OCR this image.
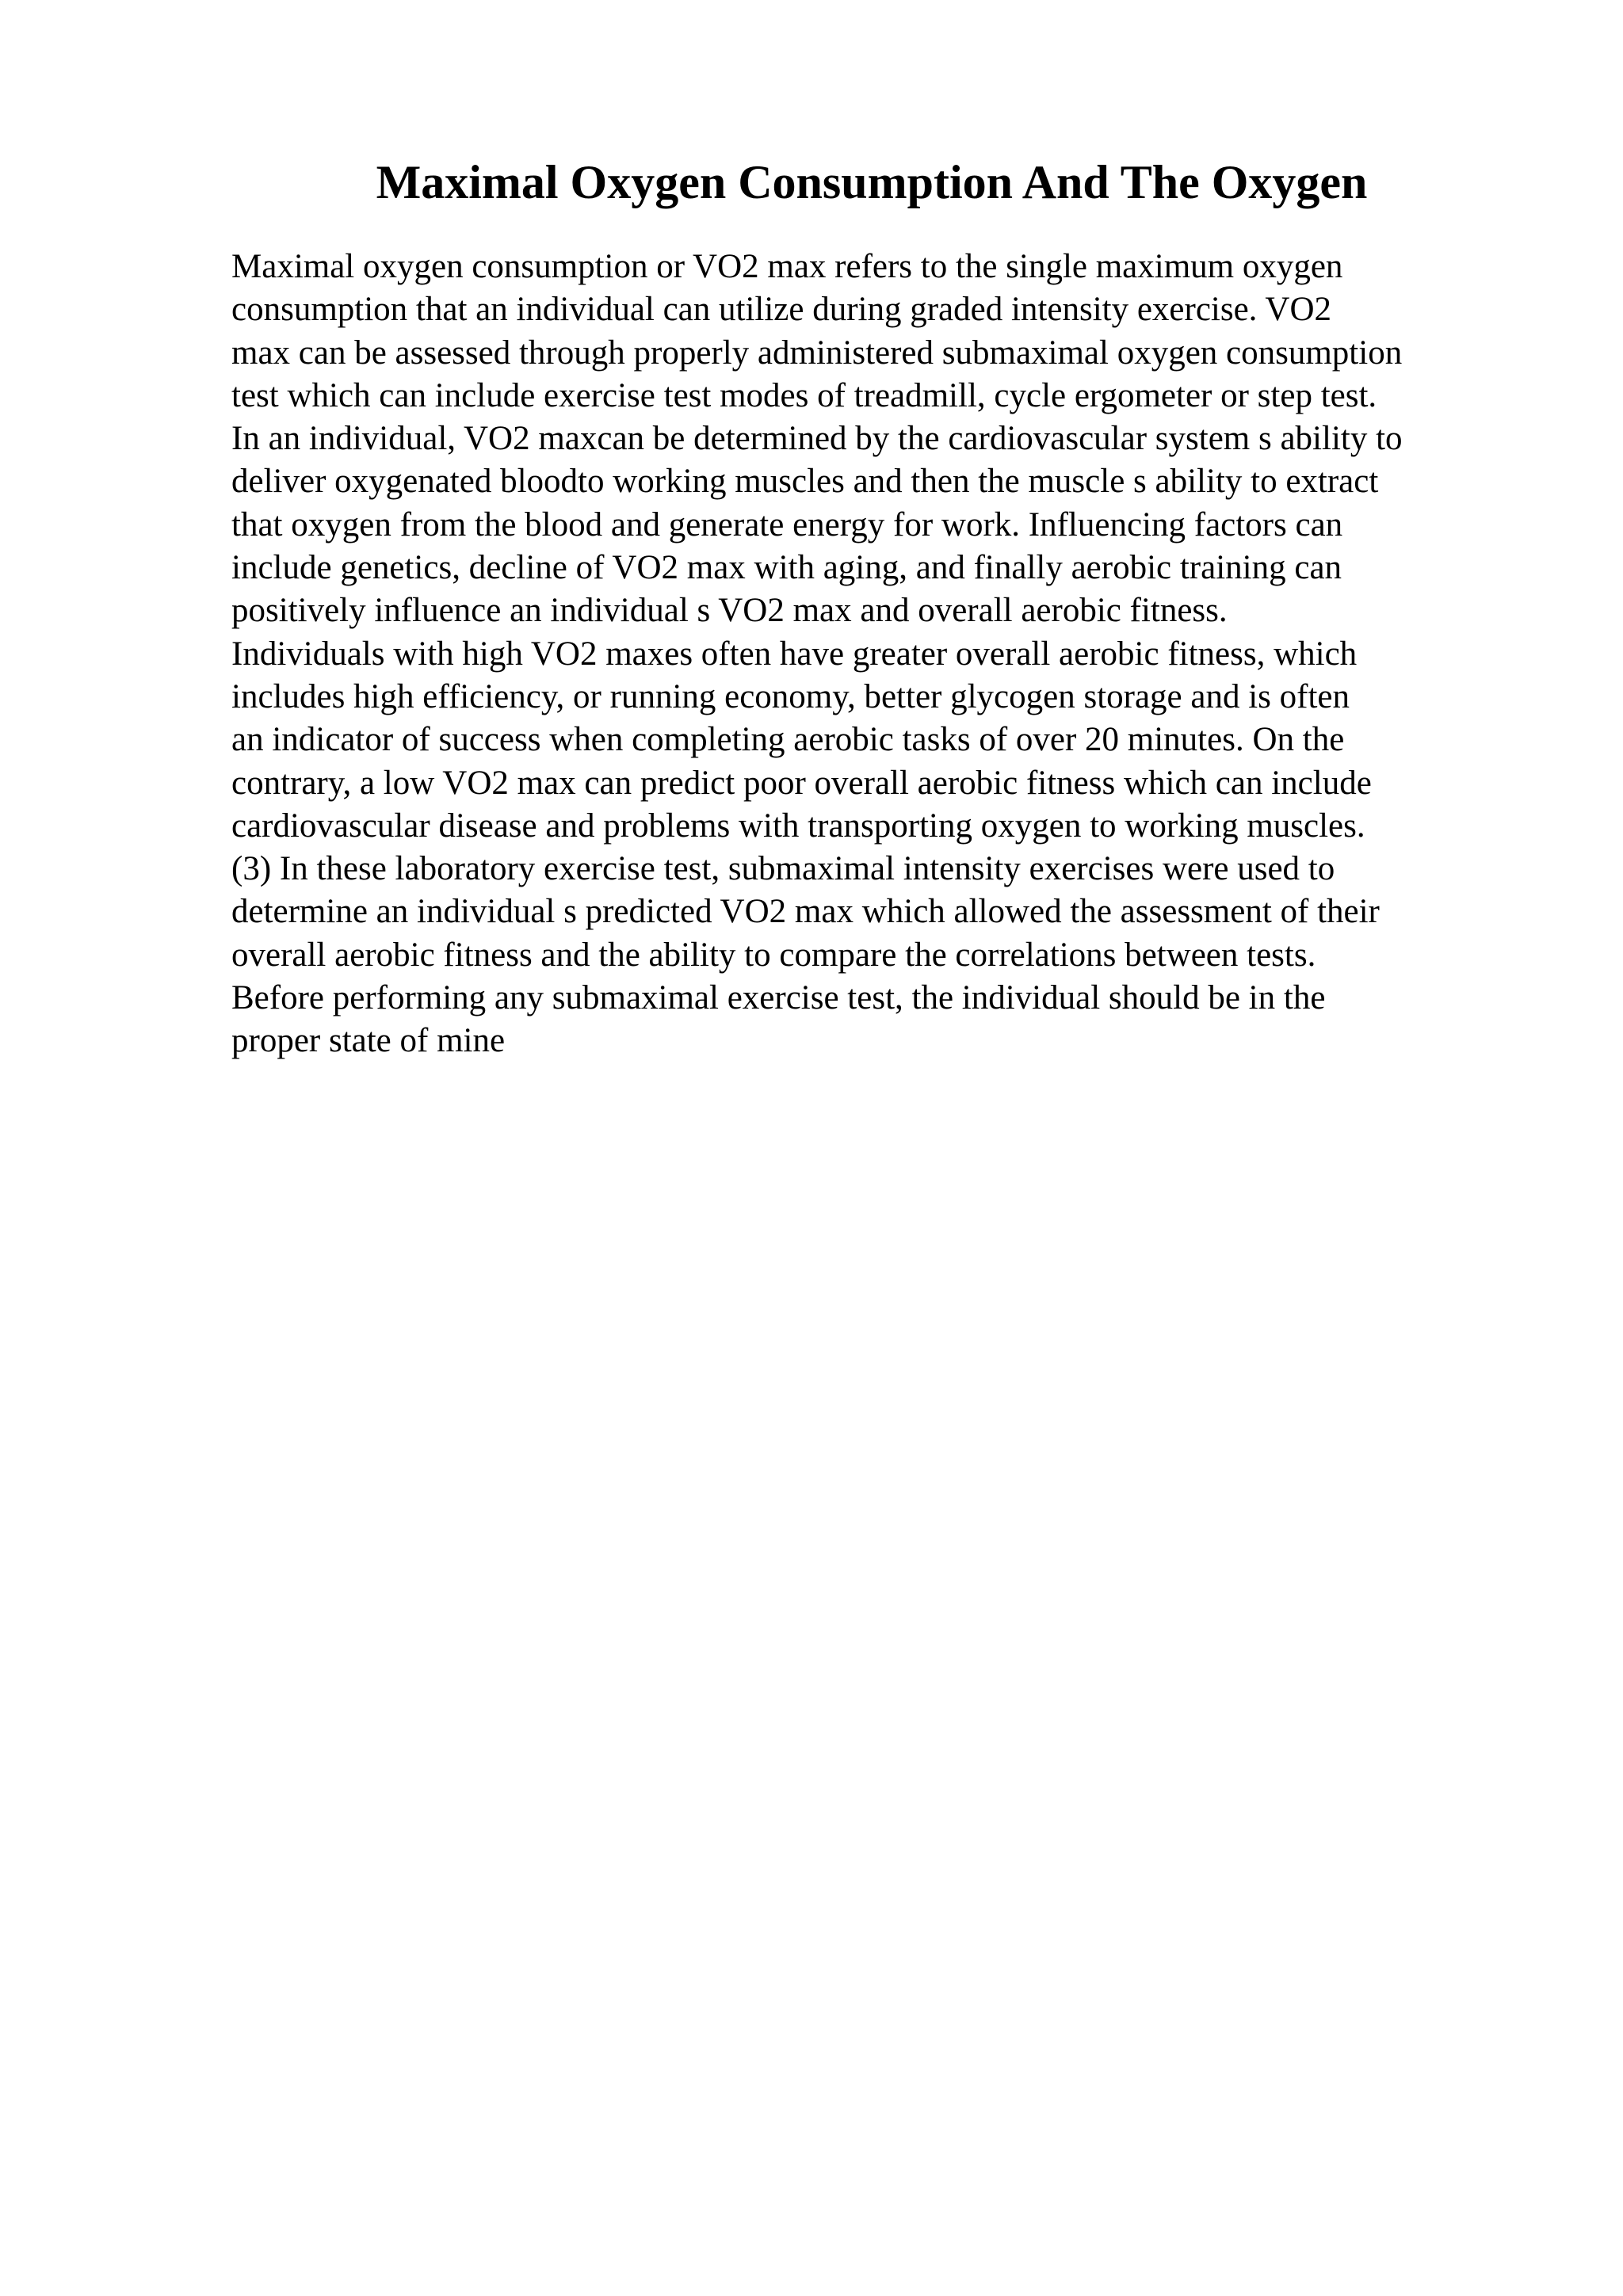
Maximal Oxygen Consumption And The Oxygen
Maximal oxygen consumption or VO2 max refers to the single maximum oxygen
consumption that an individual can utilize during graded intensity exercise. VO2
max can be assessed through properly administered submaximal oxygen consumption
test which can include exercise test modes of treadmill, cycle ergometer or step test.
In an individual, VO2 maxcan be determined by the cardiovascular system s ability to
deliver oxygenated bloodto working muscles and then the muscle s ability to extract
that oxygen from the blood and generate energy for work. Influencing factors can
include genetics, decline of VO2 max with aging, and finally aerobic training can
positively influence an individual s VO2 max and overall aerobic fitness.
Individuals with high VO2 maxes often have greater overall aerobic fitness, which
includes high efficiency, or running economy, better glycogen storage and is often
an indicator of success when completing aerobic tasks of over 20 minutes. On the
contrary, a low VO2 max can predict poor overall aerobic fitness which can include
cardiovascular disease and problems with transporting oxygen to working muscles.
(3) In these laboratory exercise test, submaximal intensity exercises were used to
determine an individual s predicted VO2 max which allowed the assessment of their
overall aerobic fitness and the ability to compare the correlations between tests.
Before performing any submaximal exercise test, the individual should be in the
proper state of mine
